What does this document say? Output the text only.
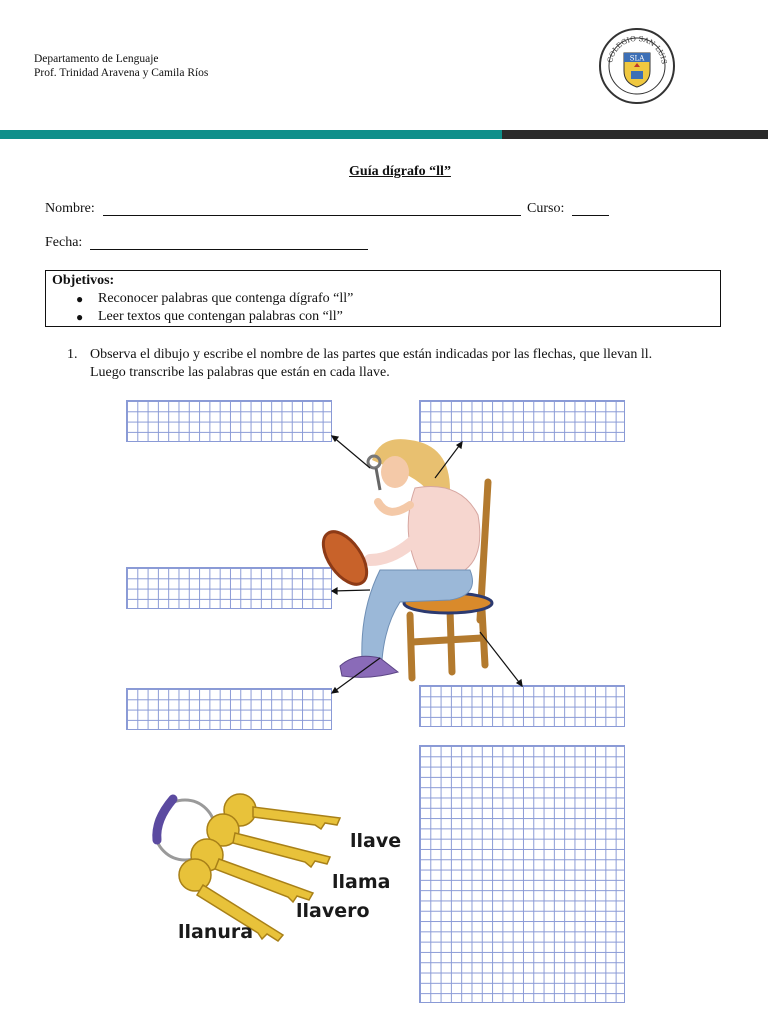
Departamento de Lenguaje
Prof. Trinidad Aravena y Camila Ríos
COLEGIO SAN LUIS
SLA
Guía dígrafo “ll”
Nombre:	Curso:
Fecha:
Objetivos:
● Reconocer palabras que contenga dígrafo “ll”
● Leer textos que contengan palabras con “ll”
1. Observa el dibujo y escribe el nombre de las partes que están indicadas por las flechas, que llevan ll.
Luego transcribe las palabras que están en cada llave.
llave
llama
llavero
llanura
